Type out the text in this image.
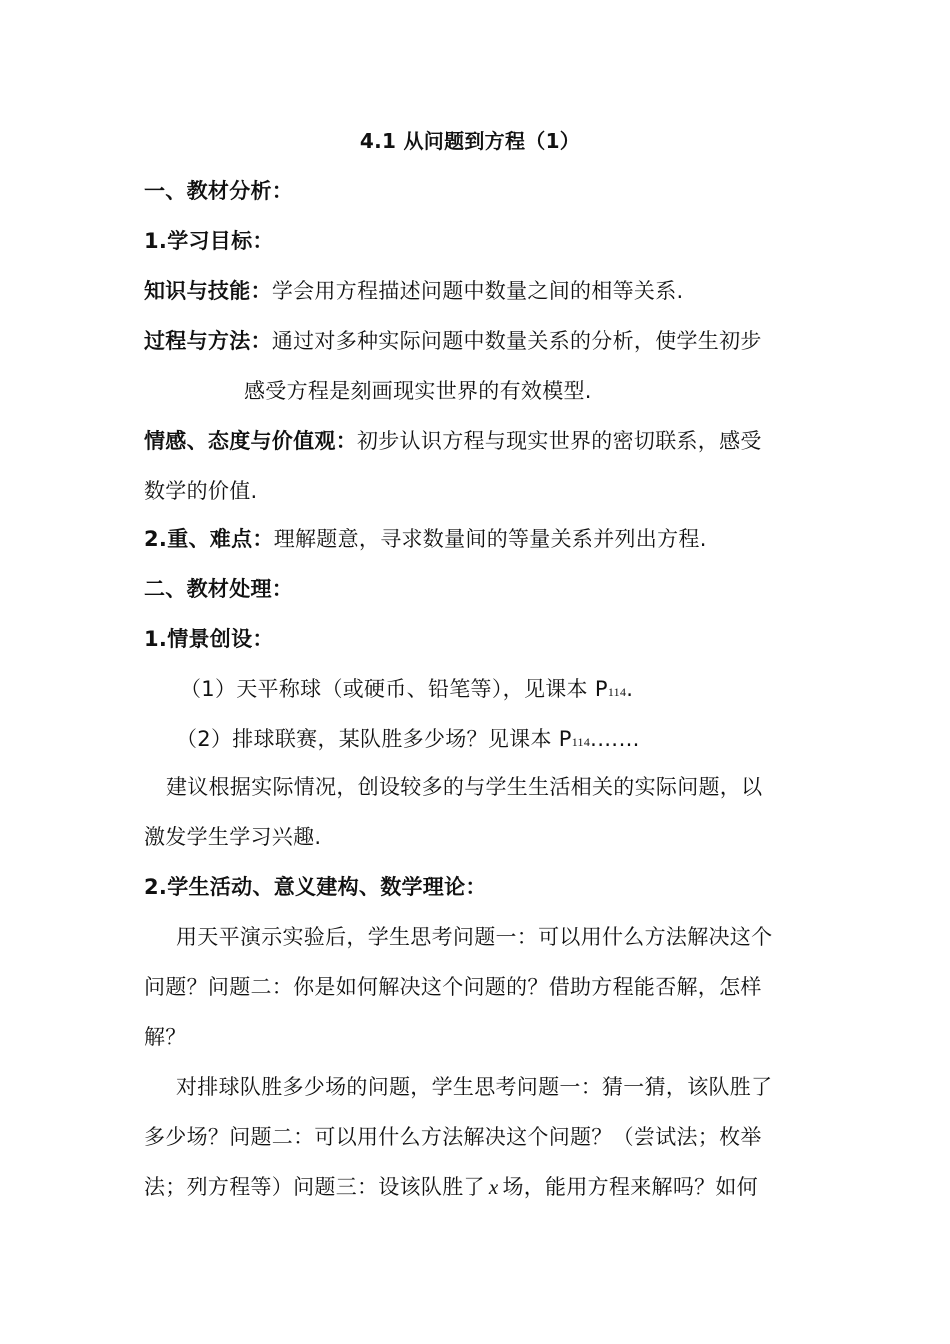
4.1 从问题到方程（1）
一、教材分析：
1.学习目标：
知识与技能：学会用方程描述问题中数量之间的相等关系.
过程与方法：通过对多种实际问题中数量关系的分析，使学生初步
感受方程是刻画现实世界的有效模型.
情感、态度与价值观：初步认识方程与现实世界的密切联系，感受
数学的价值.
2.重、难点：理解题意，寻求数量间的等量关系并列出方程.
二、教材处理：
1.情景创设：
（1）天平称球（或硬币、铅笔等），见课本 P114.
（2）排球联赛，某队胜多少场？见课本 P114.……
建议根据实际情况，创设较多的与学生生活相关的实际问题，以
激发学生学习兴趣.
2.学生活动、意义建构、数学理论：
用天平演示实验后，学生思考问题一：可以用什么方法解决这个
问题？问题二：你是如何解决这个问题的？借助方程能否解，怎样
解？
对排球队胜多少场的问题，学生思考问题一：猜一猜，该队胜了
多少场？问题二：可以用什么方法解决这个问题？（尝试法；枚举
法；列方程等）问题三：设该队胜了 x 场，能用方程来解吗？如何
